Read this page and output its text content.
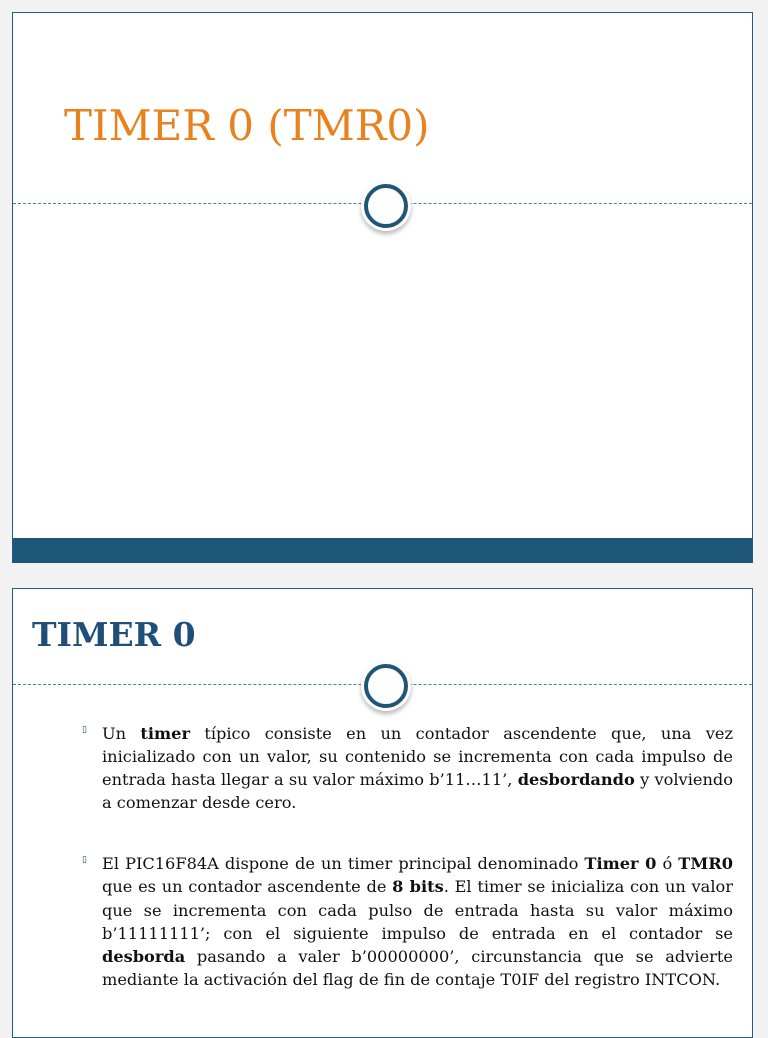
TIMER 0 (TMR0)
TIMER 0
▯ Un timer típico consiste en un contador ascendente que, una vez inicializado con un valor, su contenido se incrementa con cada impulso de entrada hasta llegar a su valor máximo b’11…11’, desbordando y volviendo a comenzar desde cero.
▯ El PIC16F84A dispone de un timer principal denominado Timer 0 ó TMR0 que es un contador ascendente de 8 bits. El timer se inicializa con un valor que se incrementa con cada pulso de entrada hasta su valor máximo b’11111111’; con el siguiente impulso de entrada en el contador se desborda pasando a valer b’00000000’, circunstancia que se advierte mediante la activación del flag de fin de contaje T0IF del registro INTCON.
